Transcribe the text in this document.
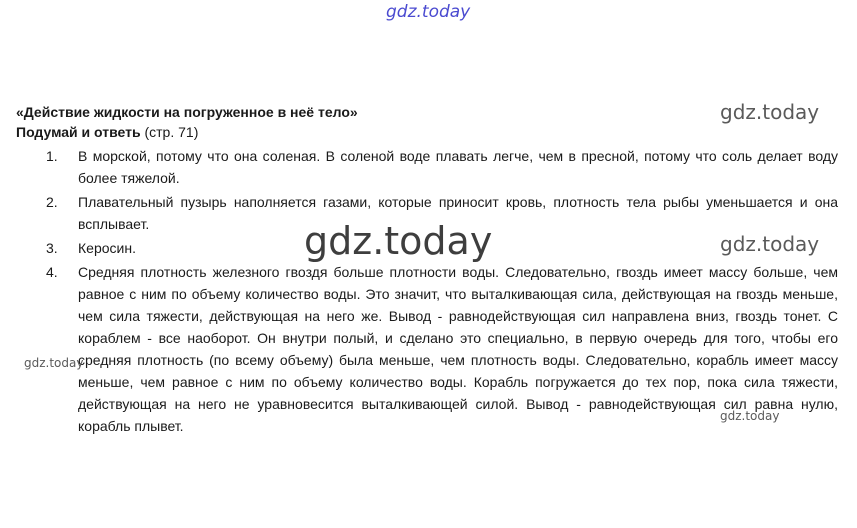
gdz.today
«Действие жидкости на погруженное в неё тело»
Подумай и ответь (стр. 71)
1. В морской, потому что она соленая. В соленой воде плавать легче, чем в пресной, потому что соль делает воду более тяжелой.
2. Плавательный пузырь наполняется газами, которые приносит кровь, плотность тела рыбы уменьшается и она всплывает.
3. Керосин.
4. Средняя плотность железного гвоздя больше плотности воды. Следовательно, гвоздь имеет массу больше, чем равное с ним по объему количество воды. Это значит, что выталкивающая сила, действующая на гвоздь меньше, чем сила тяжести, действующая на него же. Вывод - равнодействующая сил направлена вниз, гвоздь тонет. С кораблем - все наоборот. Он внутри полый, и сделано это специально, в первую очередь для того, чтобы его средняя плотность (по всему объему) была меньше, чем плотность воды. Следовательно, корабль имеет массу меньше, чем равное с ним по объему количество воды. Корабль погружается до тех пор, пока сила тяжести, действующая на него не уравновесится выталкивающей силой. Вывод - равнодействующая сил равна нулю, корабль плывет.
gdz.today
gdz.today	gdz.today
gdz.today
gdz.today
